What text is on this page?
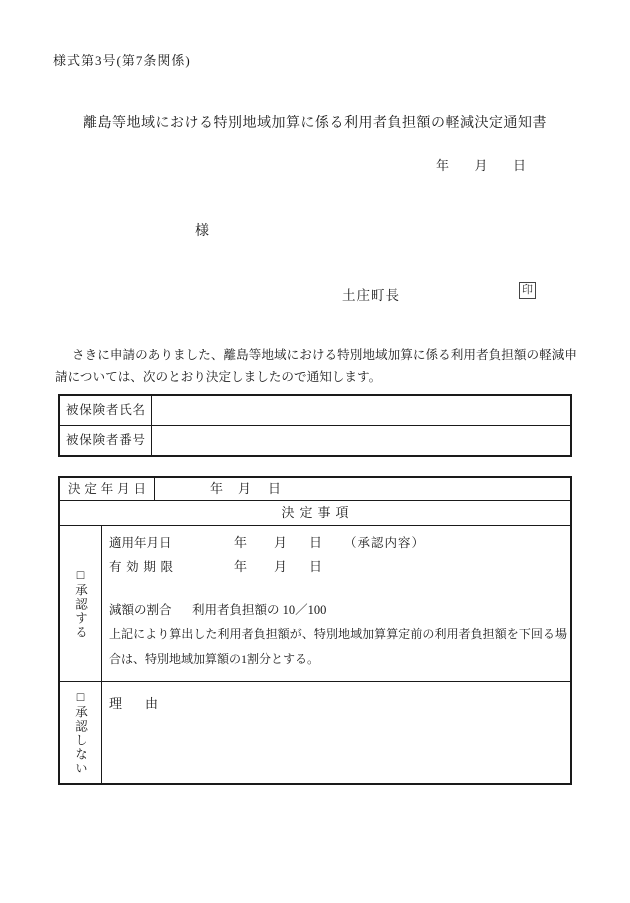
様式第3号(第7条関係)
離島等地域における特別地域加算に係る利用者負担額の軽減決定通知書
年 月 日
様
土庄町長	印

さきに申請のありました、離島等地域における特別地域加算に係る利用者負担額の軽減申請については、次のとおり決定しましたので通知します。

被保険者氏名
被保険者番号
決定年月日	年 月 日
決定事項
□承認する
適用年月日	年 月 日 （承認内容）
有効期限	年 月 日
減額の割合 利用者負担額の 10／100

上記により算出した利用者負担額が、特別地域加算算定前の利用者負担額を下回る場合は、特別地域加算額の1割分とする。

□承認しない
理　由
